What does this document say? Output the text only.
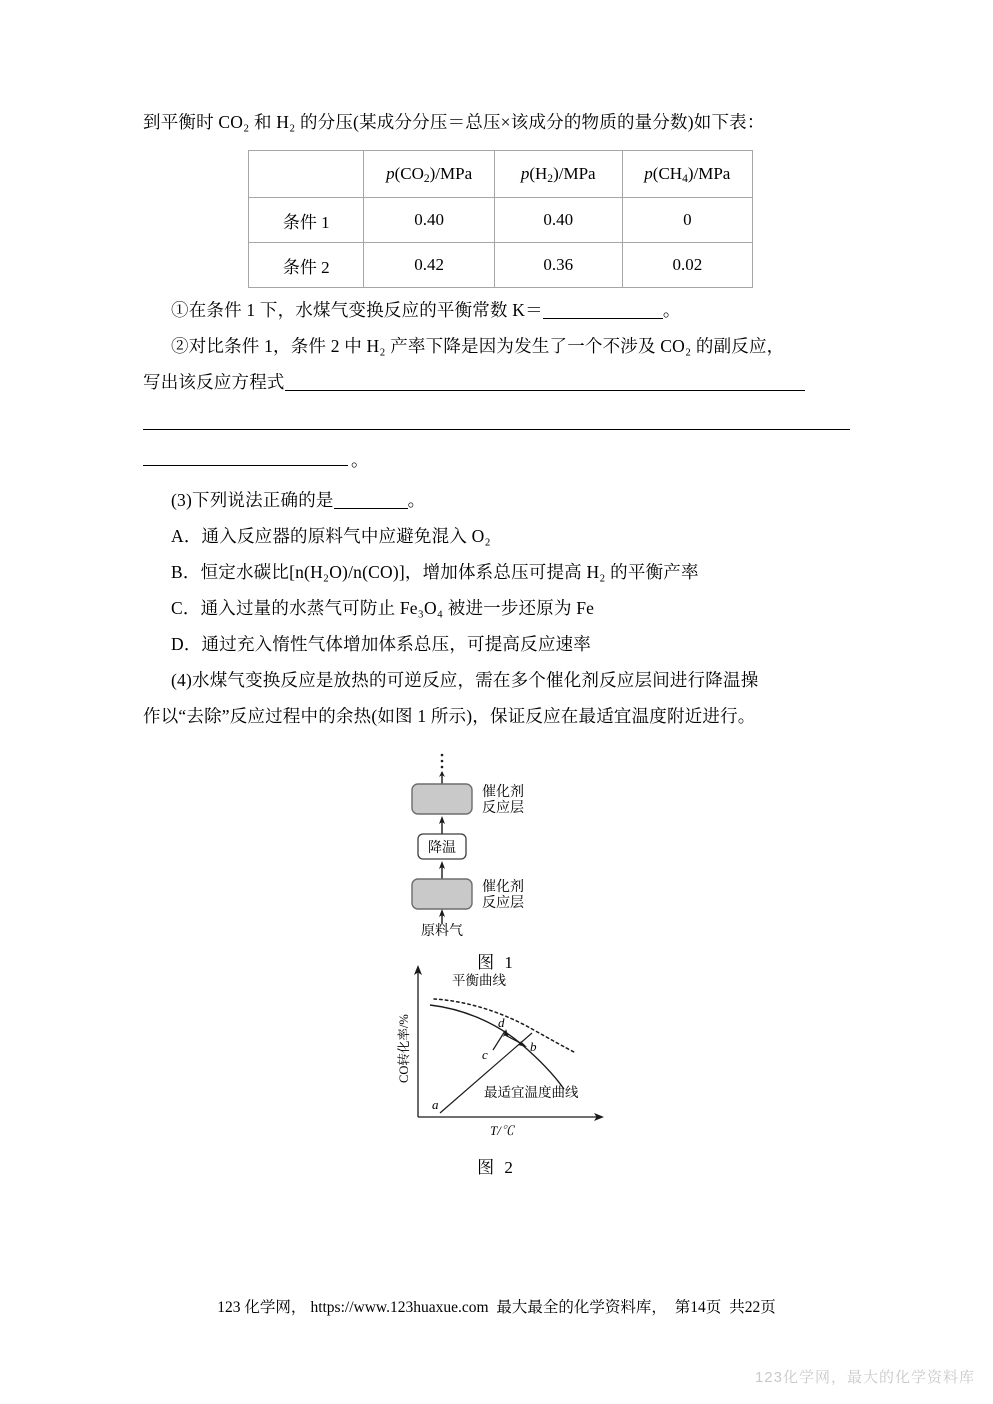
到平衡时 CO₂ 和 H₂ 的分压(某成分分压＝总压×该成分的物质的量分数)如下表：

	$p(CO_2)$/MPa	$p(H_2)$/MPa	$p(CH_4)$/MPa
条件 1	0.40	0.40	0
条件 2	0.42	0.36	0.02

①在条件 1 下，水煤气变换反应的平衡常数 K＝	。

②对比条件 1，条件 2 中 H₂ 产率下降是因为发生了一个不涉及 CO₂ 的副反应，

写出该反应方程式

。

(3)下列说法正确的是	。

A．通入反应器的原料气中应避免混入 O₂

B．恒定水碳比[n(H₂O)/n(CO)]，增加体系总压可提高 H₂ 的平衡产率

C．通入过量的水蒸气可防止 Fe₃O₄ 被进一步还原为 Fe

D．通过充入惰性气体增加体系总压，可提高反应速率

(4)水煤气变换反应是放热的可逆反应，需在多个催化剂反应层间进行降温操

作以“去除”反应过程中的余热(如图 1 所示)，保证反应在最适宜温度附近进行。

催化剂
反应层
降温
催化剂
反应层
原料气
图 1
CO转化率/%
T/℃
平衡曲线
最适宜温度曲线
a
b
c
d
图 2
123 化学网， https://www.123huaxue.com 最大最全的化学资料库， 第14页 共22页
123化学网，最大的化学资料库
